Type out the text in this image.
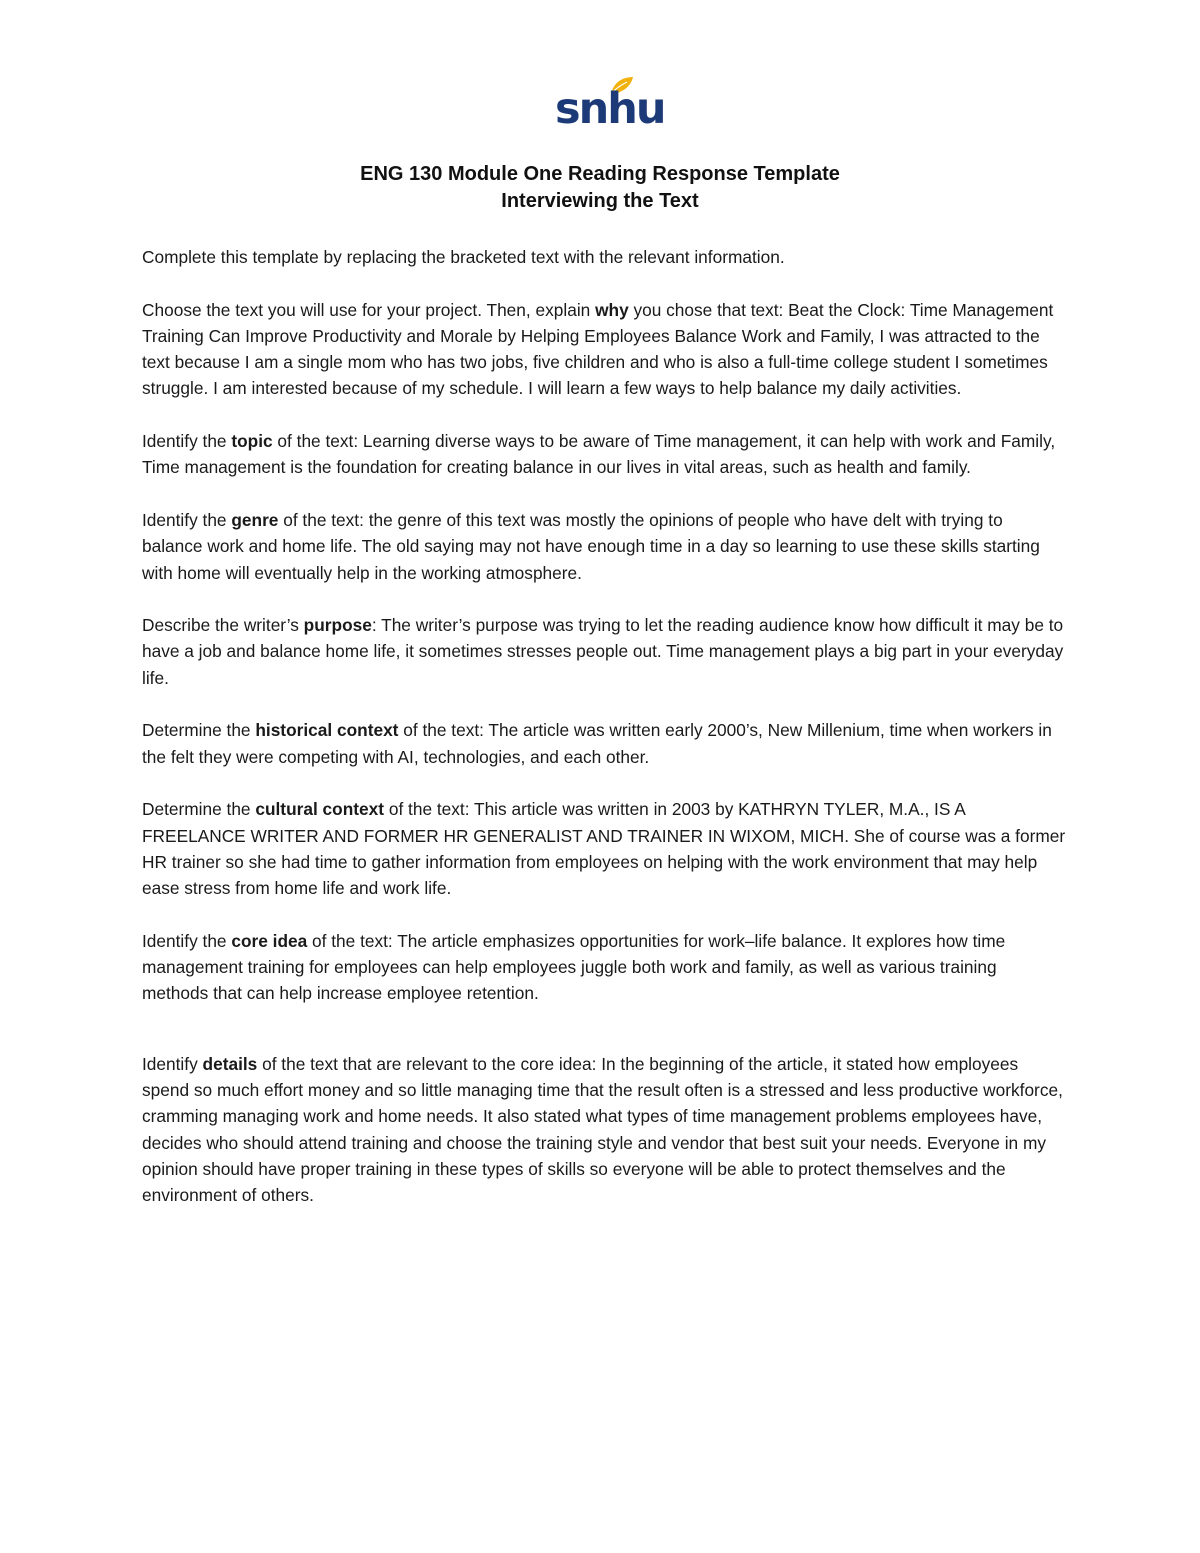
snhu
ENG 130 Module One Reading Response Template
Interviewing the Text

Complete this template by replacing the bracketed text with the relevant information.

Choose the text you will use for your project. Then, explain why you chose that text: Beat the Clock: Time Management Training Can Improve Productivity and Morale by Helping Employees Balance Work and Family, I was attracted to the text because I am a single mom who has two jobs, five children and who is also a full-time college student I sometimes struggle. I am interested because of my schedule. I will learn a few ways to help balance my daily activities.

Identify the topic of the text: Learning diverse ways to be aware of Time management, it can help with work and Family, Time management is the foundation for creating balance in our lives in vital areas, such as health and family.

Identify the genre of the text: the genre of this text was mostly the opinions of people who have delt with trying to balance work and home life. The old saying may not have enough time in a day so learning to use these skills starting with home will eventually help in the working atmosphere.

Describe the writer’s purpose: The writer’s purpose was trying to let the reading audience know how difficult it may be to have a job and balance home life, it sometimes stresses people out. Time management plays a big part in your everyday life.

Determine the historical context of the text: The article was written early 2000’s, New Millenium, time when workers in the felt they were competing with AI, technologies, and each other.

Determine the cultural context of the text: This article was written in 2003 by KATHRYN TYLER, M.A., IS A FREELANCE WRITER AND FORMER HR GENERALIST AND TRAINER IN WIXOM, MICH. She of course was a former HR trainer so she had time to gather information from employees on helping with the work environment that may help ease stress from home life and work life.

Identify the core idea of the text: The article emphasizes opportunities for work–life balance. It explores how time management training for employees can help employees juggle both work and family, as well as various training methods that can help increase employee retention.

Identify details of the text that are relevant to the core idea: In the beginning of the article, it stated how employees spend so much effort money and so little managing time that the result often is a stressed and less productive workforce, cramming managing work and home needs. It also stated what types of time management problems employees have, decides who should attend training and choose the training style and vendor that best suit your needs. Everyone in my opinion should have proper training in these types of skills so everyone will be able to protect themselves and the environment of others.
